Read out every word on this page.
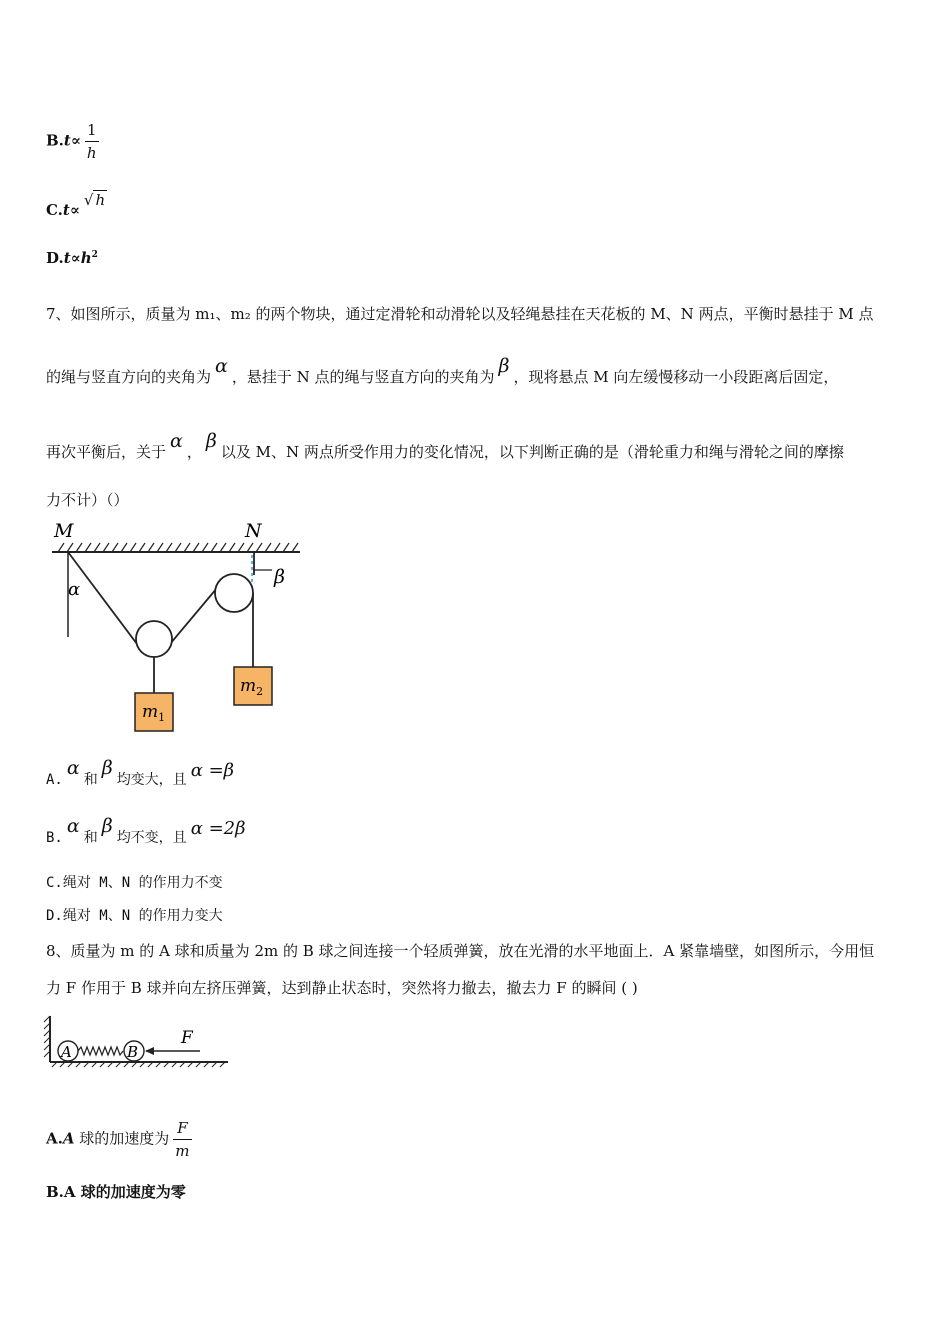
$B.t\propto \frac{1}{h}$
C.t∝√ h
$D.t\propto h^2$
7、如图所示，质量为 m₁、m₂ 的两个物块，通过定滑轮和动滑轮以及轻绳悬挂在天花板的 M、N 两点，平衡时悬挂于 M 点
的绳与竖直方向的夹角为 α ，悬挂于 N 点的绳与竖直方向的夹角为 β ，现将悬点 M 向左缓慢移动一小段距离后固定，
再次平衡后，关于 α ， β 以及 M、N 两点所受作用力的变化情况，以下判断正确的是（滑轮重力和绳与滑轮之间的摩擦
力不计）（）
M	N
α
β
$m_1$
$m_2$
A.α和β均变大，且 α =β
B.α和β均不变，且 α =2β
C.绳对 M、N 的作用力不变
D.绳对 M、N 的作用力变大
8、质量为 m 的 A 球和质量为 2m 的 B 球之间连接一个轻质弹簧，放在光滑的水平地面上．A 紧靠墙壁，如图所示，今用恒
力 F 作用于 B 球并向左挤压弹簧，达到静止状态时，突然将力撤去，撤去力 F 的瞬间 ( )
A	B
F
A.A 球的加速度为 $\frac{F}{m}$
B.A 球的加速度为零
